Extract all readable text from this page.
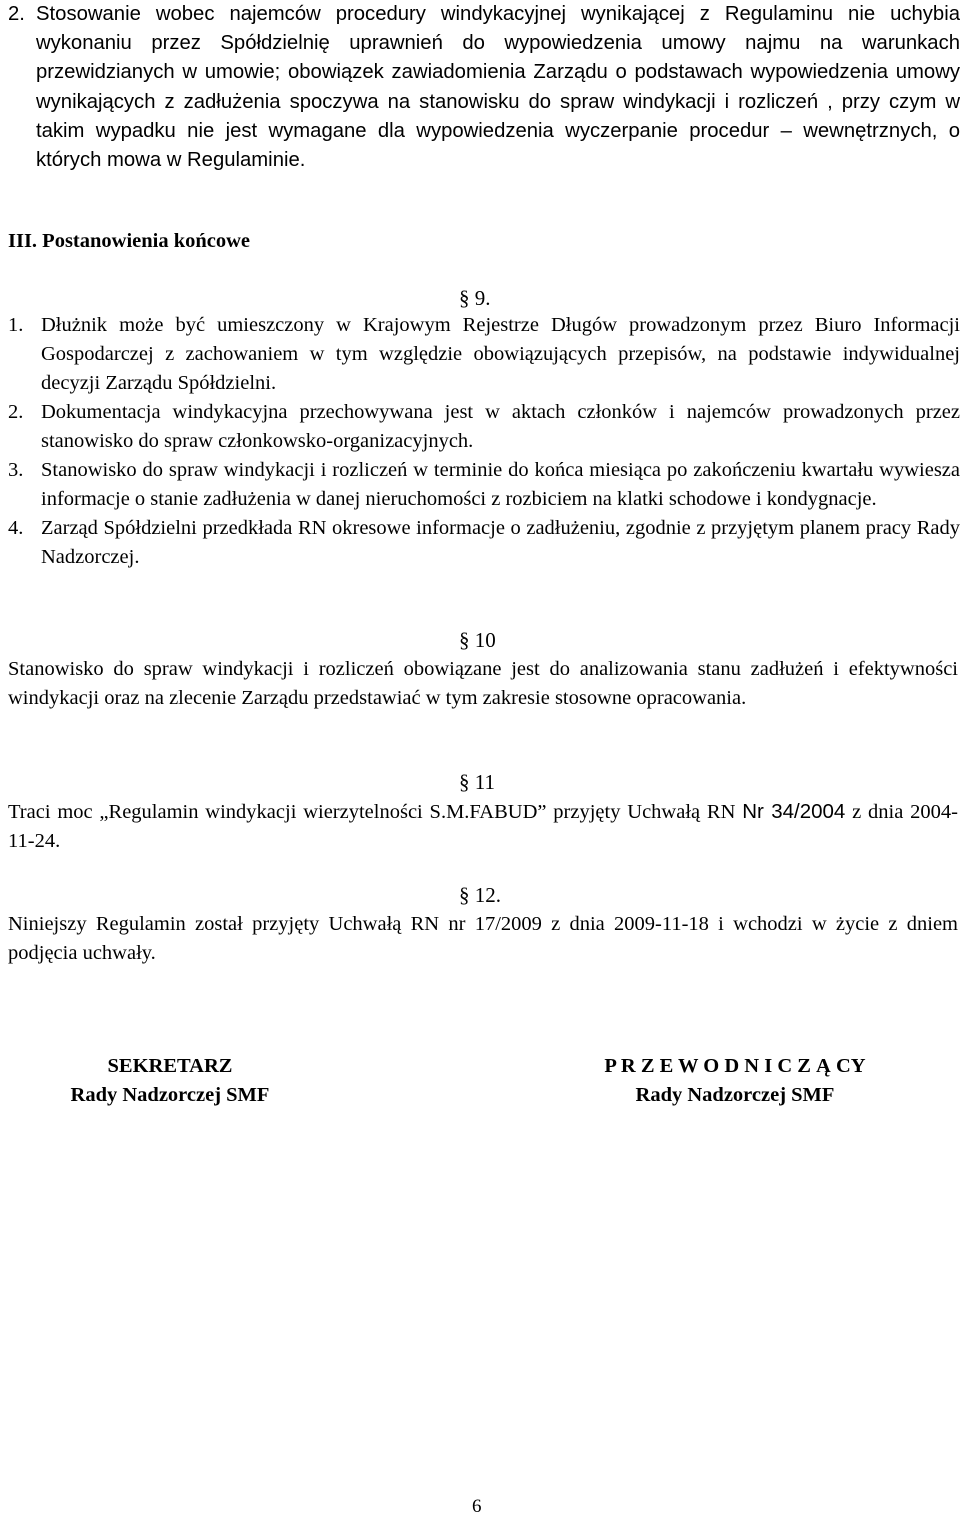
2. Stosowanie wobec najemców procedury windykacyjnej wynikającej z Regulaminu nie uchybia wykonaniu przez Spółdzielnię uprawnień do wypowiedzenia umowy najmu na warunkach przewidzianych w umowie; obowiązek zawiadomienia Zarządu o podstawach wypowiedzenia umowy wynikających z zadłużenia spoczywa na stanowisku do spraw windykacji i rozliczeń , przy czym w takim wypadku nie jest wymagane dla wypowiedzenia wyczerpanie procedur – wewnętrznych, o których mowa w Regulaminie.
III. Postanowienia końcowe
§ 9.
1. Dłużnik może być umieszczony w Krajowym Rejestrze Długów prowadzonym przez Biuro Informacji Gospodarczej z zachowaniem w tym względzie obowiązujących przepisów, na podstawie indywidualnej decyzji Zarządu Spółdzielni.
2. Dokumentacja windykacyjna przechowywana jest w aktach członków i najemców prowadzonych przez stanowisko do spraw członkowsko-organizacyjnych.
3. Stanowisko do spraw windykacji i rozliczeń w terminie do końca miesiąca po zakończeniu kwartału wywiesza informacje o stanie zadłużenia w danej nieruchomości z rozbiciem na klatki schodowe i kondygnacje.
4. Zarząd Spółdzielni przedkłada RN okresowe informacje o zadłużeniu, zgodnie z przyjętym planem pracy Rady Nadzorczej.
§ 10
Stanowisko do spraw windykacji i rozliczeń obowiązane jest do analizowania stanu zadłużeń i efektywności windykacji oraz na zlecenie Zarządu przedstawiać w tym zakresie stosowne opracowania.
§ 11
Traci moc „Regulamin windykacji wierzytelności S.M.FABUD” przyjęty Uchwałą RN Nr 34/2004 z dnia 2004-11-24.
§ 12.
Niniejszy Regulamin został przyjęty Uchwałą RN nr 17/2009 z dnia 2009-11-18 i wchodzi w życie z dniem podjęcia uchwały.
SEKRETARZ
Rady Nadzorczej SMF
P R Z E W O D N I C Z Ą CY
Rady Nadzorczej SMF
6
